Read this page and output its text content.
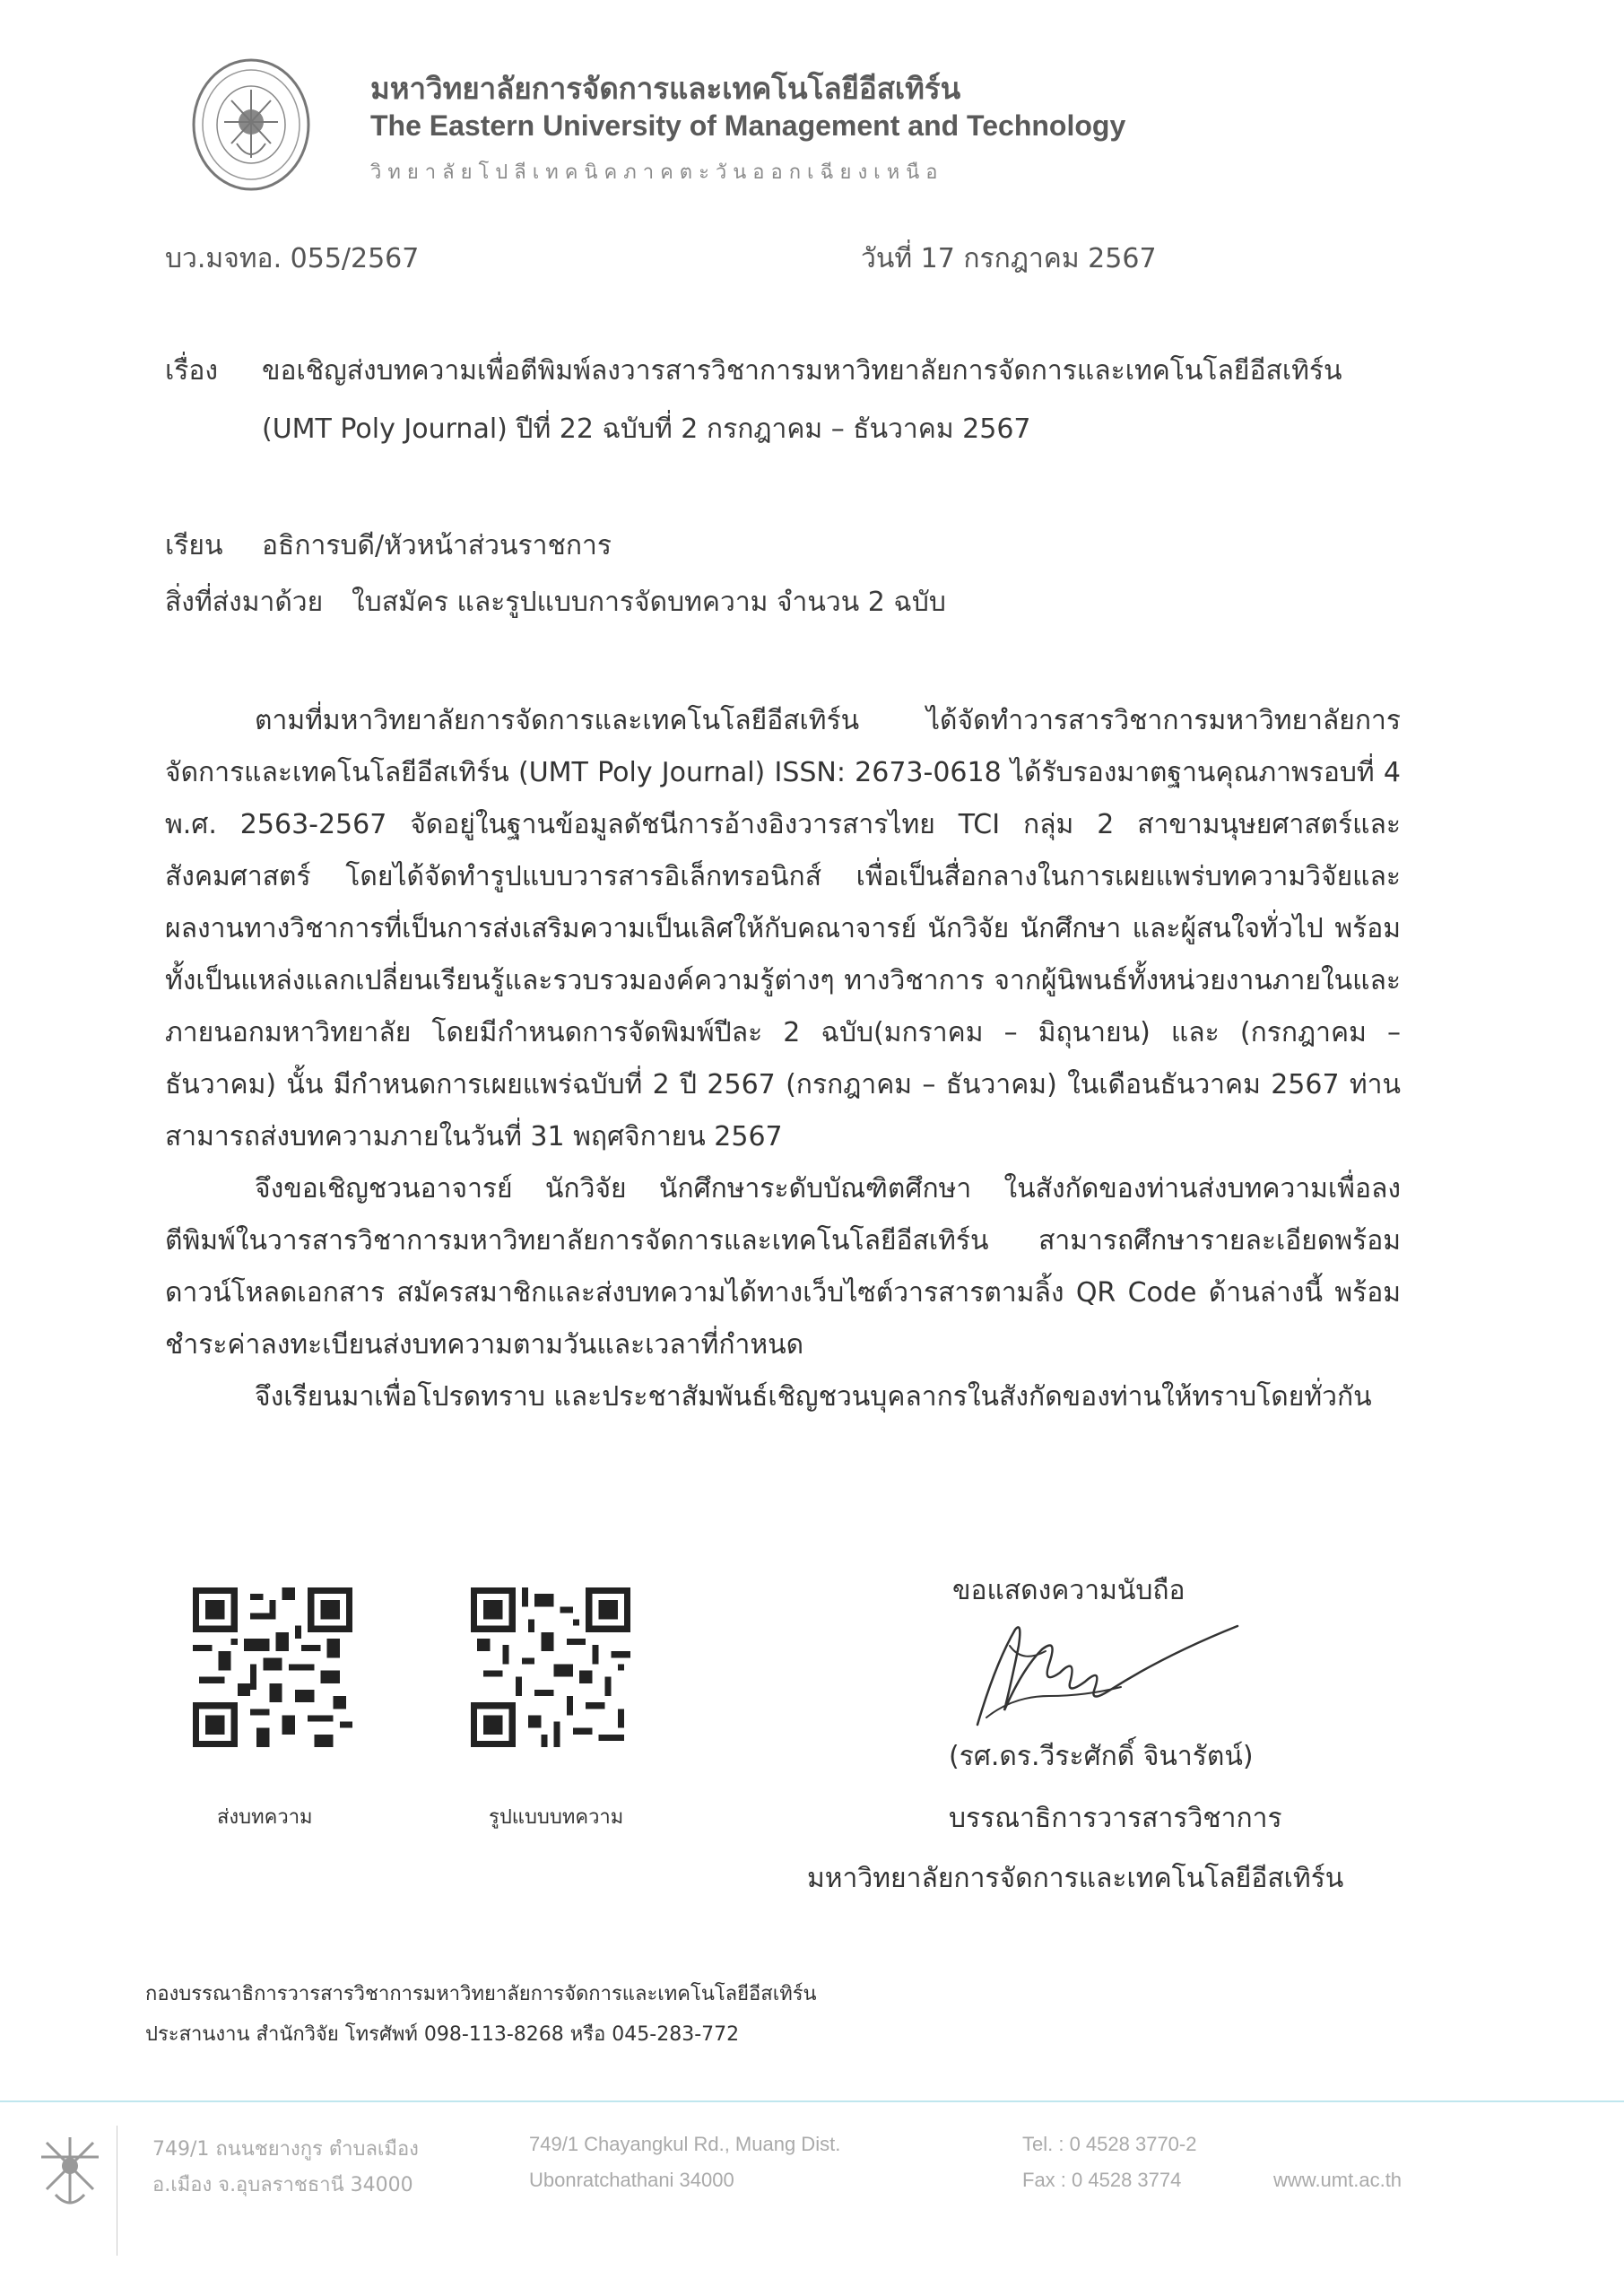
มหาวิทยาลัยการจัดการและเทคโนโลยีอีสเทิร์น
The Eastern University of Management and Technology
วิทยาลัยโปลีเทคนิคภาคตะวันออกเฉียงเหนือ
บว.มจทอ. 055/2567	วันที่ 17 กรกฎาคม 2567
เรื่อง ขอเชิญส่งบทความเพื่อตีพิมพ์ลงวารสารวิชาการมหาวิทยาลัยการจัดการและเทคโนโลยีอีสเทิร์น
(UMT Poly Journal) ปีที่ 22 ฉบับที่ 2 กรกฎาคม – ธันวาคม 2567
เรียน อธิการบดี/หัวหน้าส่วนราชการ
สิ่งที่ส่งมาด้วย ใบสมัคร และรูปแบบการจัดบทความ จำนวน 2 ฉบับ
ตามที่มหาวิทยาลัยการจัดการและเทคโนโลยีอีสเทิร์น ได้จัดทำวารสารวิชาการมหาวิทยาลัยการ
จัดการและเทคโนโลยีอีสเทิร์น (UMT Poly Journal) ISSN: 2673-0618 ได้รับรองมาตฐานคุณภาพรอบที่ 4
พ.ศ. 2563-2567 จัดอยู่ในฐานข้อมูลดัชนีการอ้างอิงวารสารไทย TCI กลุ่ม 2 สาขามนุษยศาสตร์และ
สังคมศาสตร์ โดยได้จัดทำรูปแบบวารสารอิเล็กทรอนิกส์ เพื่อเป็นสื่อกลางในการเผยแพร่บทความวิจัยและ
ผลงานทางวิชาการที่เป็นการส่งเสริมความเป็นเลิศให้กับคณาจารย์ นักวิจัย นักศึกษา และผู้สนใจทั่วไป พร้อม
ทั้งเป็นแหล่งแลกเปลี่ยนเรียนรู้และรวบรวมองค์ความรู้ต่างๆ ทางวิชาการ จากผู้นิพนธ์ทั้งหน่วยงานภายในและ
ภายนอกมหาวิทยาลัย โดยมีกำหนดการจัดพิมพ์ปีละ 2 ฉบับ(มกราคม – มิถุนายน) และ (กรกฎาคม –
ธันวาคม) นั้น มีกำหนดการเผยแพร่ฉบับที่ 2 ปี 2567 (กรกฎาคม – ธันวาคม) ในเดือนธันวาคม 2567 ท่าน
สามารถส่งบทความภายในวันที่ 31 พฤศจิกายน 2567
จึงขอเชิญชวนอาจารย์ นักวิจัย นักศึกษาระดับบัณฑิตศึกษา ในสังกัดของท่านส่งบทความเพื่อลง
ตีพิมพ์ในวารสารวิชาการมหาวิทยาลัยการจัดการและเทคโนโลยีอีสเทิร์น สามารถศึกษารายละเอียดพร้อม
ดาวน์โหลดเอกสาร สมัครสมาชิกและส่งบทความได้ทางเว็บไซต์วารสารตามลิ้ง QR Code ด้านล่างนี้ พร้อม
ชำระค่าลงทะเบียนส่งบทความตามวันและเวลาที่กำหนด
จึงเรียนมาเพื่อโปรดทราบ และประชาสัมพันธ์เชิญชวนบุคลากรในสังกัดของท่านให้ทราบโดยทั่วกัน
ส่งบทความ	รูปแบบบทความ
ขอแสดงความนับถือ
(รศ.ดร.วีระศักดิ์ จินารัตน์)
บรรณาธิการวารสารวิชาการ
มหาวิทยาลัยการจัดการและเทคโนโลยีอีสเทิร์น
กองบรรณาธิการวารสารวิชาการมหาวิทยาลัยการจัดการและเทคโนโลยีอีสเทิร์น
ประสานงาน สำนักวิจัย โทรศัพท์ 098-113-8268 หรือ 045-283-772
749/1 ถนนชยางกูร ตำบลเมือง
อ.เมือง จ.อุบลราชธานี 34000
749/1 Chayangkul Rd., Muang Dist.
Ubonratchathani 34000
Tel. : 0 4528 3770-2
Fax : 0 4528 3774	www.umt.ac.th
